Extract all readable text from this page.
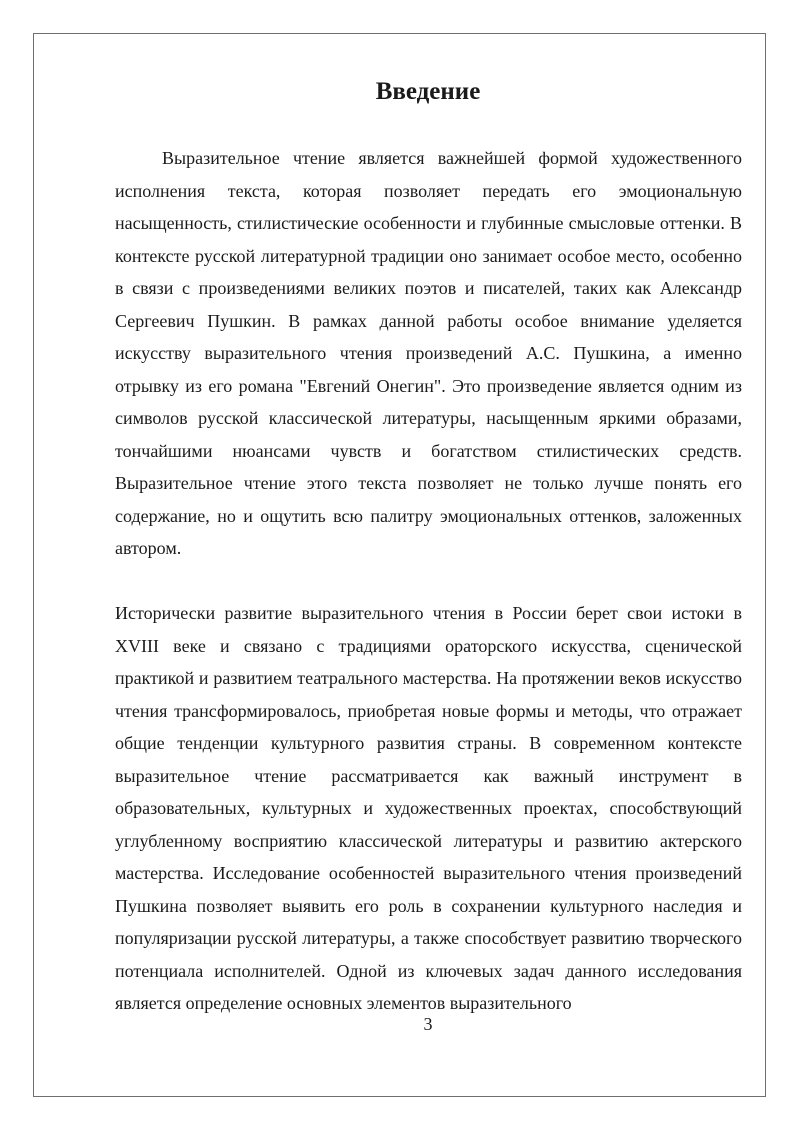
Введение

Выразительное чтение является важнейшей формой художественного исполнения текста, которая позволяет передать его эмоциональную насыщенность, стилистические особенности и глубинные смысловые оттенки. В контексте русской литературной традиции оно занимает особое место, особенно в связи с произведениями великих поэтов и писателей, таких как Александр Сергеевич Пушкин. В рамках данной работы особое внимание уделяется искусству выразительного чтения произведений А.С. Пушкина, а именно отрывку из его романа "Евгений Онегин". Это произведение является одним из символов русской классической литературы, насыщенным яркими образами, тончайшими нюансами чувств и богатством стилистических средств. Выразительное чтение этого текста позволяет не только лучше понять его содержание, но и ощутить всю палитру эмоциональных оттенков, заложенных автором.

Исторически развитие выразительного чтения в России берет свои истоки в XVIII веке и связано с традициями ораторского искусства, сценической практикой и развитием театрального мастерства. На протяжении веков искусство чтения трансформировалось, приобретая новые формы и методы, что отражает общие тенденции культурного развития страны. В современном контексте выразительное чтение рассматривается как важный инструмент в образовательных, культурных и художественных проектах, способствующий углубленному восприятию классической литературы и развитию актерского мастерства. Исследование особенностей выразительного чтения произведений Пушкина позволяет выявить его роль в сохранении культурного наследия и популяризации русской литературы, а также способствует развитию творческого потенциала исполнителей. Одной из ключевых задач данного исследования является определение основных элементов выразительного

3
